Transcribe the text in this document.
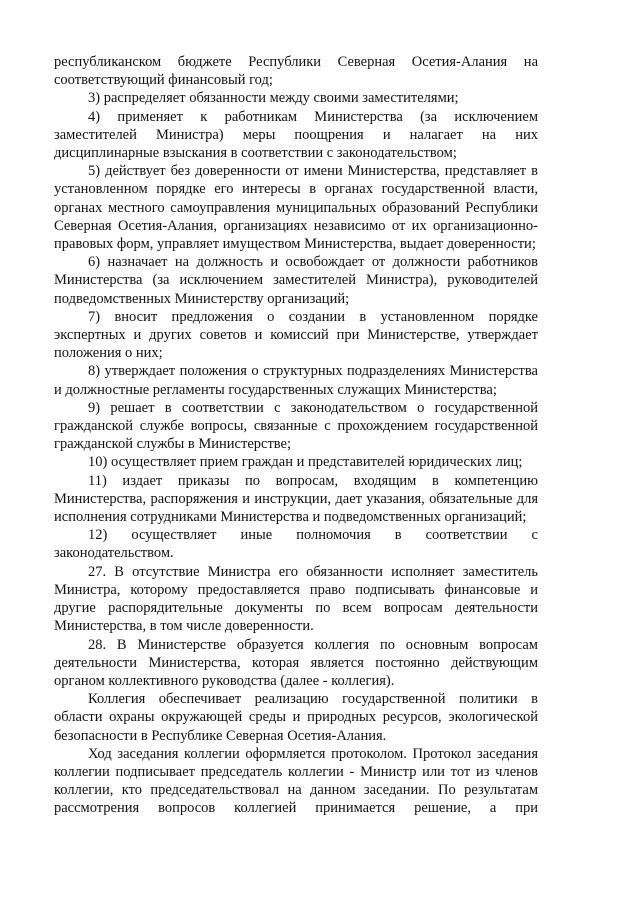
республиканском бюджете Республики Северная Осетия-Алания на соответствующий финансовый год;

3) распределяет обязанности между своими заместителями;

4) применяет к работникам Министерства (за исключением заместителей Министра) меры поощрения и налагает на них дисциплинарные взыскания в соответствии с законодательством;

5) действует без доверенности от имени Министерства, представляет в установленном порядке его интересы в органах государственной власти, органах местного самоуправления муниципальных образований Республики Северная Осетия-Алания, организациях независимо от их организационно-правовых форм, управляет имуществом Министерства, выдает доверенности;

6) назначает на должность и освобождает от должности работников Министерства (за исключением заместителей Министра), руководителей подведомственных Министерству организаций;

7) вносит предложения о создании в установленном порядке экспертных и других советов и комиссий при Министерстве, утверждает положения о них;

8) утверждает положения о структурных подразделениях Министерства и должностные регламенты государственных служащих Министерства;

9) решает в соответствии с законодательством о государственной гражданской службе вопросы, связанные с прохождением государственной гражданской службы в Министерстве;

10) осуществляет прием граждан и представителей юридических лиц;

11) издает приказы по вопросам, входящим в компетенцию Министерства, распоряжения и инструкции, дает указания, обязательные для исполнения сотрудниками Министерства и подведомственных организаций;

12) осуществляет иные полномочия в соответствии с законодательством.

27. В отсутствие Министра его обязанности исполняет заместитель Министра, которому предоставляется право подписывать финансовые и другие распорядительные документы по всем вопросам деятельности Министерства, в том числе доверенности.

28. В Министерстве образуется коллегия по основным вопросам деятельности Министерства, которая является постоянно действующим органом коллективного руководства (далее - коллегия).

Коллегия обеспечивает реализацию государственной политики в области охраны окружающей среды и природных ресурсов, экологической безопасности в Республике Северная Осетия-Алания.

Ход заседания коллегии оформляется протоколом. Протокол заседания коллегии подписывает председатель коллегии - Министр или тот из членов коллегии, кто председательствовал на данном заседании. По результатам рассмотрения вопросов коллегией принимается решение, а при
